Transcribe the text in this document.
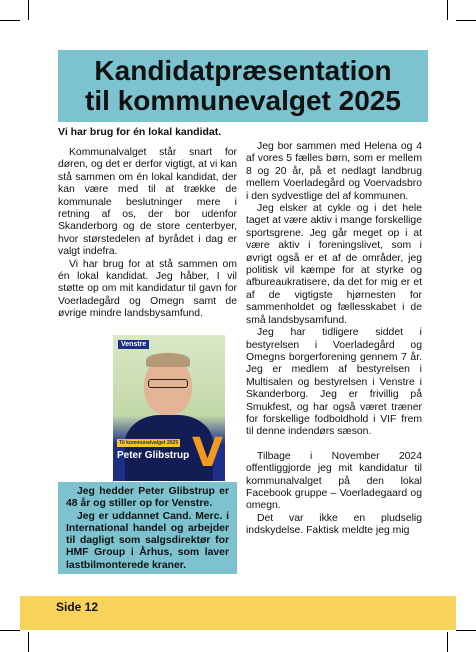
Kandidatpræsentation
til kommunevalget 2025
Vi har brug for én lokal kandidat.

Kommunalvalget står snart for døren, og det er derfor vigtigt, at vi kan stå sammen om én lokal kandidat, der kan være med til at trække de kommunale beslutninger mere i retning af os, der bor udenfor Skanderborg og de store centerbyer, hvor størstedelen af byrådet i dag er valgt indefra.

Vi har brug for at stå sammen om én lokal kandidat. Jeg håber, I vil støtte op om mit kandidatur til gavn for Voerladegård og Omegn samt de øvrige mindre landsbysamfund.

Venstre
Til kommunalvalget 2025
Peter Glibstrup V

Jeg hedder Peter Glibstrup er 48 år og stiller op for Venstre.

Jeg er uddannet Cand. Merc. i International handel og arbejder til dagligt som salgsdirektør for HMF Group i Århus, som laver lastbilmonterede kraner.

Jeg bor sammen med Helena og 4 af vores 5 fælles børn, som er mellem 8 og 20 år, på et nedlagt landbrug mellem Voerladegård og Voervadsbro i den sydvestlige del af kommunen.

Jeg elsker at cykle og i det hele taget at være aktiv i mange forskellige sportsgrene. Jeg går meget op i at være aktiv i foreningslivet, som i øvrigt også er et af de områder, jeg politisk vil kæmpe for at styrke og afbureaukratisere, da det for mig er et af de vigtigste hjørnesten for sammenholdet og fællesskabet i de små landsbysamfund.

Jeg har tidligere siddet i bestyrelsen i Voerladegård og Omegns borgerforening gennem 7 år. Jeg er medlem af bestyrelsen i Multisalen og bestyrelsen i Venstre i Skanderborg. Jeg er frivillig på Smukfest, og har også været træner for forskellige fodboldhold i VIF frem til denne indendørs sæson.

Tilbage i November 2024 offentliggjorde jeg mit kandidatur til kommunalvalget på den lokal Facebook gruppe – Voerladegaard og omegn.

Det var ikke en pludselig indskydelse. Faktisk meldte jeg mig

Side 12
